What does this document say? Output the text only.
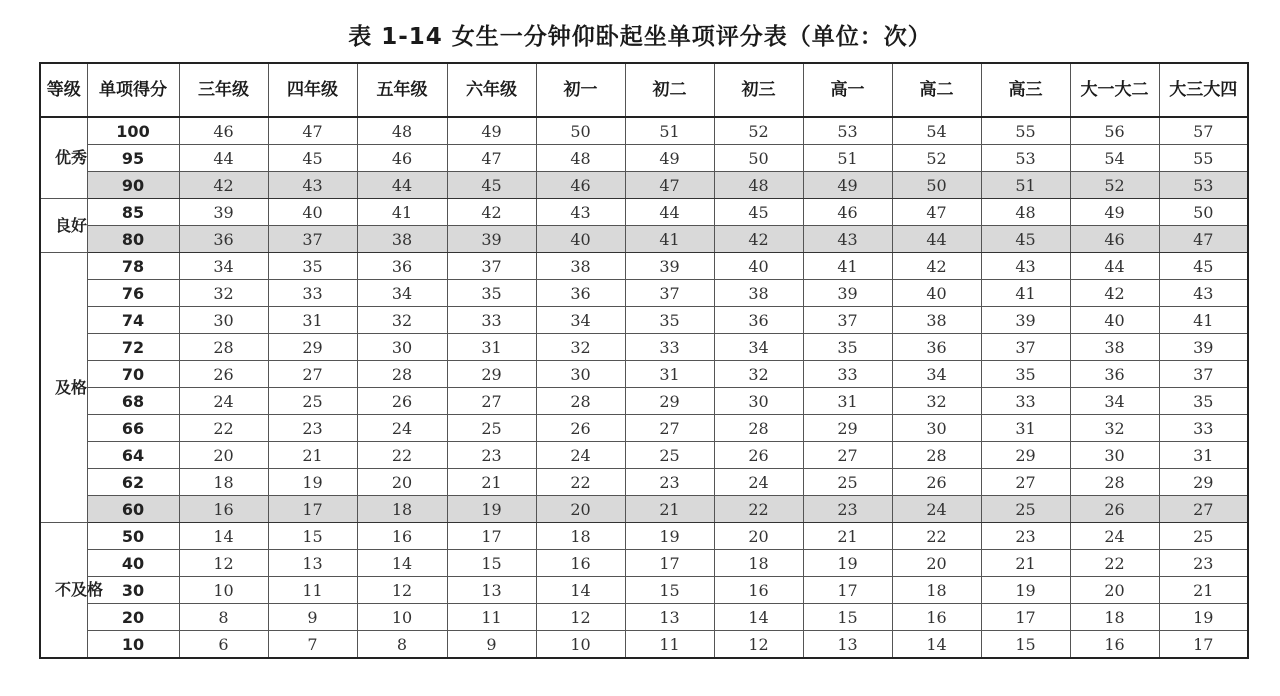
表 1-14 女生一分钟仰卧起坐单项评分表（单位：次）
等级	单项得分	三年级	四年级	五年级	六年级	初一	初二	初三	高一	高二	高三	大一大二	大三大四
优秀	100	46	47	48	49	50	51	52	53	54	55	56	57
	95	44	45	46	47	48	49	50	51	52	53	54	55
	90	42	43	44	45	46	47	48	49	50	51	52	53
良好	85	39	40	41	42	43	44	45	46	47	48	49	50
	80	36	37	38	39	40	41	42	43	44	45	46	47
及格	78	34	35	36	37	38	39	40	41	42	43	44	45
	76	32	33	34	35	36	37	38	39	40	41	42	43
	74	30	31	32	33	34	35	36	37	38	39	40	41
	72	28	29	30	31	32	33	34	35	36	37	38	39
	70	26	27	28	29	30	31	32	33	34	35	36	37
	68	24	25	26	27	28	29	30	31	32	33	34	35
	66	22	23	24	25	26	27	28	29	30	31	32	33
	64	20	21	22	23	24	25	26	27	28	29	30	31
	62	18	19	20	21	22	23	24	25	26	27	28	29
	60	16	17	18	19	20	21	22	23	24	25	26	27
不及格	50	14	15	16	17	18	19	20	21	22	23	24	25
	40	12	13	14	15	16	17	18	19	20	21	22	23
	30	10	11	12	13	14	15	16	17	18	19	20	21
	20	8	9	10	11	12	13	14	15	16	17	18	19
	10	6	7	8	9	10	11	12	13	14	15	16	17
